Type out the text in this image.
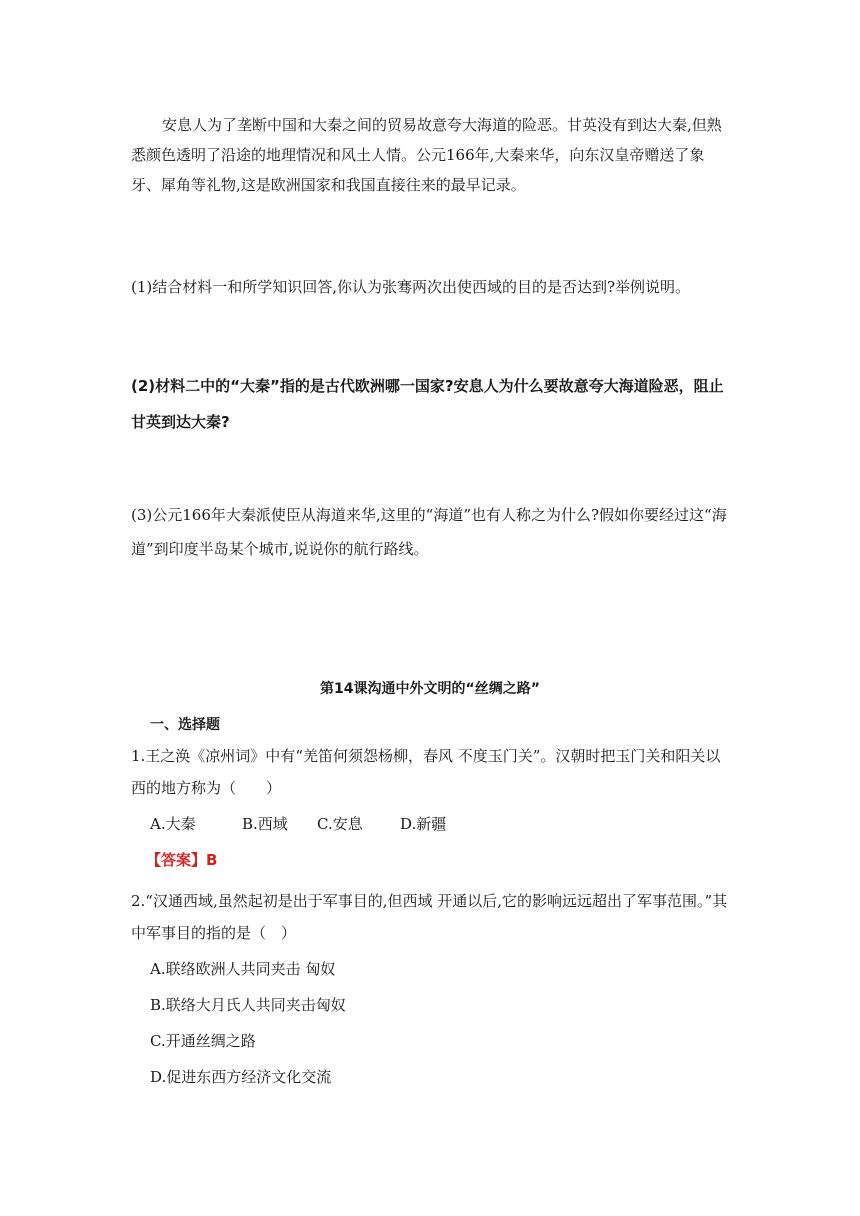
安息人为了垄断中国和大秦之间的贸易故意夸大海道的险恶。甘英没有到达大秦,但熟悉颜色透明了沿途的地理情况和风土人情。公元166年,大秦来华，向东汉皇帝赠送了象牙、犀角等礼物,这是欧洲国家和我国直接往来的最早记录。

(1)结合材料一和所学知识回答,你认为张骞两次出使西域的目的是否达到?举例说明。

(2)材料二中的“大秦”指的是古代欧洲哪一国家?安息人为什么要故意夸大海道险恶，阻止甘英到达大秦?

(3)公元166年大秦派使臣从海道来华,这里的“海道”也有人称之为什么?假如你要经过这“海道”到印度半岛某个城市,说说你的航行路线。

第14课沟通中外文明的“丝绸之路”
一、选择题

1.王之涣《凉州词》中有“羌笛何须怨杨柳，春风 不度玉门关”。汉朝时把玉门关和阳关以西的地方称为（　　）

A.大秦	B.西域 C.安息 D.新疆
【答案】B

2.“汉通西域,虽然起初是出于军事目的,但西域 开通以后,它的影响远远超出了军事范围。”其中军事目的指的是（　）

A.联络欧洲人共同夹击 匈奴
B.联络大月氏人共同夹击匈奴
C.开通丝绸之路
D.促进东西方经济文化交流
